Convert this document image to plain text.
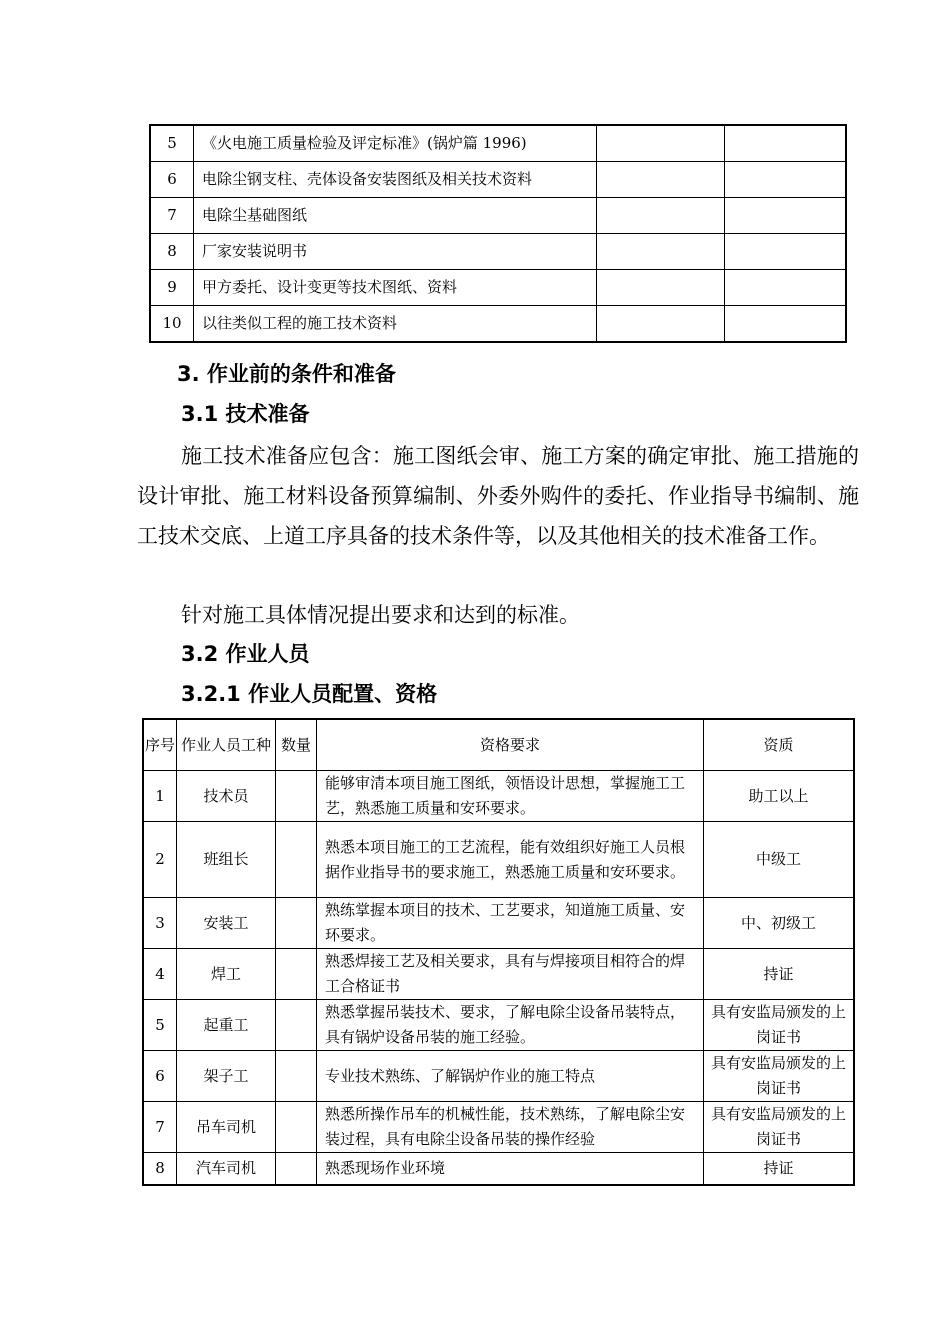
5	《火电施工质量检验及评定标准》(锅炉篇 1996)		
6	电除尘钢支柱、壳体设备安装图纸及相关技术资料		
7	电除尘基础图纸		
8	厂家安装说明书		
9	甲方委托、设计变更等技术图纸、资料		
10	以往类似工程的施工技术资料		
3. 作业前的条件和准备
3.1 技术准备
施工技术准备应包含：施工图纸会审、施工方案的确定审批、施工措施的设计审批、施工材料设备预算编制、外委外购件的委托、作业指导书编制、施工技术交底、上道工序具备的技术条件等，以及其他相关的技术准备工作。
针对施工具体情况提出要求和达到的标准。
3.2 作业人员
3.2.1 作业人员配置、资格
序号	作业人员工种	数量	资格要求	资质
1	技术员		能够审清本项目施工图纸，领悟设计思想，掌握施工工艺，熟悉施工质量和安环要求。	助工以上
2	班组长		熟悉本项目施工的工艺流程，能有效组织好施工人员根据作业指导书的要求施工，熟悉施工质量和安环要求。	中级工
3	安装工		熟练掌握本项目的技术、工艺要求，知道施工质量、安环要求。	中、初级工
4	焊工		熟悉焊接工艺及相关要求，具有与焊接项目相符合的焊工合格证书	持证
5	起重工		熟悉掌握吊装技术、要求，了解电除尘设备吊装特点，具有锅炉设备吊装的施工经验。	具有安监局颁发的上岗证书
6	架子工		专业技术熟练、了解锅炉作业的施工特点	具有安监局颁发的上岗证书
7	吊车司机		熟悉所操作吊车的机械性能，技术熟练，了解电除尘安装过程，具有电除尘设备吊装的操作经验	具有安监局颁发的上岗证书
8	汽车司机		熟悉现场作业环境	持证
